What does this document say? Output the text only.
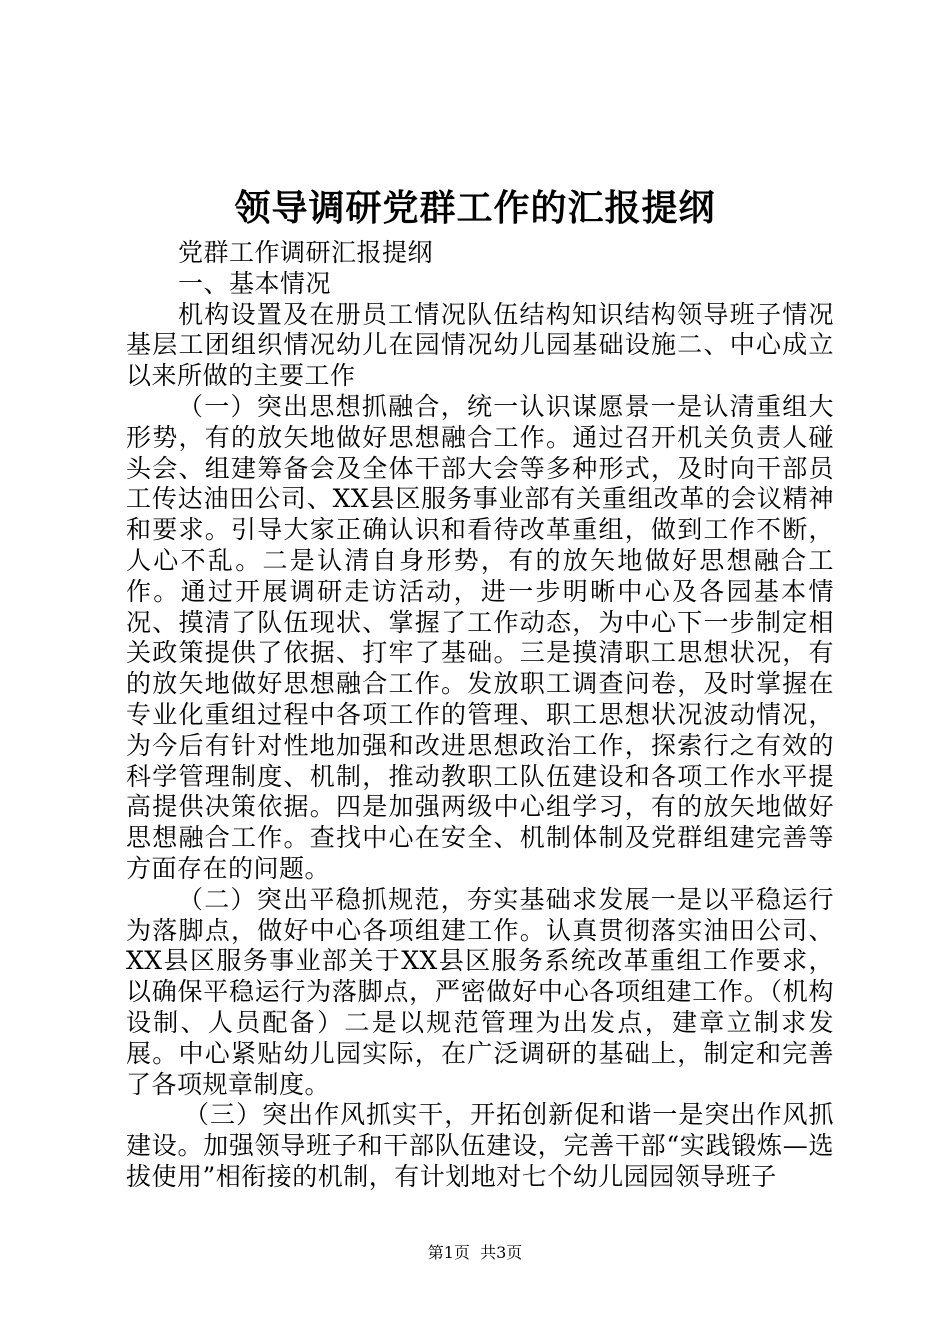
领导调研党群工作的汇报提纲

党群工作调研汇报提纲

一、基本情况

机构设置及在册员工情况队伍结构知识结构领导班子情况基层工团组织情况幼儿在园情况幼儿园基础设施二、中心成立以来所做的主要工作

（一）突出思想抓融合，统一认识谋愿景一是认清重组大形势，有的放矢地做好思想融合工作。通过召开机关负责人碰头会、组建筹备会及全体干部大会等多种形式，及时向干部员工传达油田公司、XX县区服务事业部有关重组改革的会议精神和要求。引导大家正确认识和看待改革重组，做到工作不断，人心不乱。二是认清自身形势，有的放矢地做好思想融合工作。通过开展调研走访活动，进一步明晰中心及各园基本情况、摸清了队伍现状、掌握了工作动态，为中心下一步制定相关政策提供了依据、打牢了基础。三是摸清职工思想状况，有的放矢地做好思想融合工作。发放职工调查问卷，及时掌握在专业化重组过程中各项工作的管理、职工思想状况波动情况，为今后有针对性地加强和改进思想政治工作，探索行之有效的科学管理制度、机制，推动教职工队伍建设和各项工作水平提高提供决策依据。四是加强两级中心组学习，有的放矢地做好思想融合工作。查找中心在安全、机制体制及党群组建完善等方面存在的问题。

（二）突出平稳抓规范，夯实基础求发展一是以平稳运行为落脚点，做好中心各项组建工作。认真贯彻落实油田公司、XX县区服务事业部关于XX县区服务系统改革重组工作要求，以确保平稳运行为落脚点，严密做好中心各项组建工作。（机构设制、人员配备）二是以规范管理为出发点，建章立制求发展。中心紧贴幼儿园实际，在广泛调研的基础上，制定和完善了各项规章制度。

（三）突出作风抓实干，开拓创新促和谐一是突出作风抓建设。加强领导班子和干部队伍建设，完善干部“实践锻炼—选拔使用”相衔接的机制，有计划地对七个幼儿园园领导班子

第1页 共3页
